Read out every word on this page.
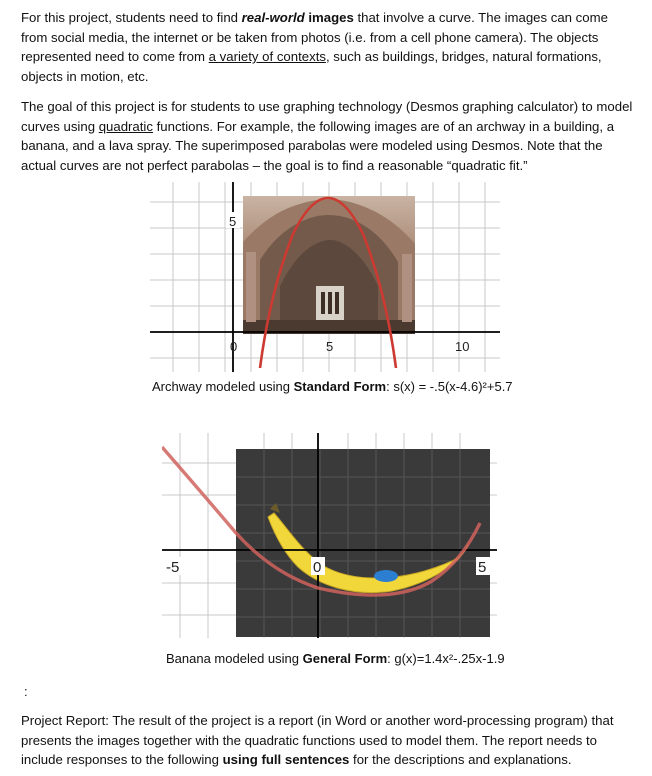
For this project, students need to find real-world images that involve a curve. The images can come from social media, the internet or be taken from photos (i.e. from a cell phone camera). The objects represented need to come from a variety of contexts, such as buildings, bridges, natural formations, objects in motion, etc.

The goal of this project is for students to use graphing technology (Desmos graphing calculator) to model curves using quadratic functions. For example, the following images are of an archway in a building, a banana, and a lava spray. The superimposed parabolas were modeled using Desmos. Note that the actual curves are not perfect parabolas – the goal is to find a reasonable “quadratic fit.”

5
0	5	10
Archway modeled using Standard Form: s(x) = -.5(x-4.6)²+5.7
-5	0	5
Banana modeled using General Form: g(x)=1.4x²-.25x-1.9
:

Project Report: The result of the project is a report (in Word or another word-processing program) that presents the images together with the quadratic functions used to model them. The report needs to include responses to the following using full sentences for the descriptions and explanations.
